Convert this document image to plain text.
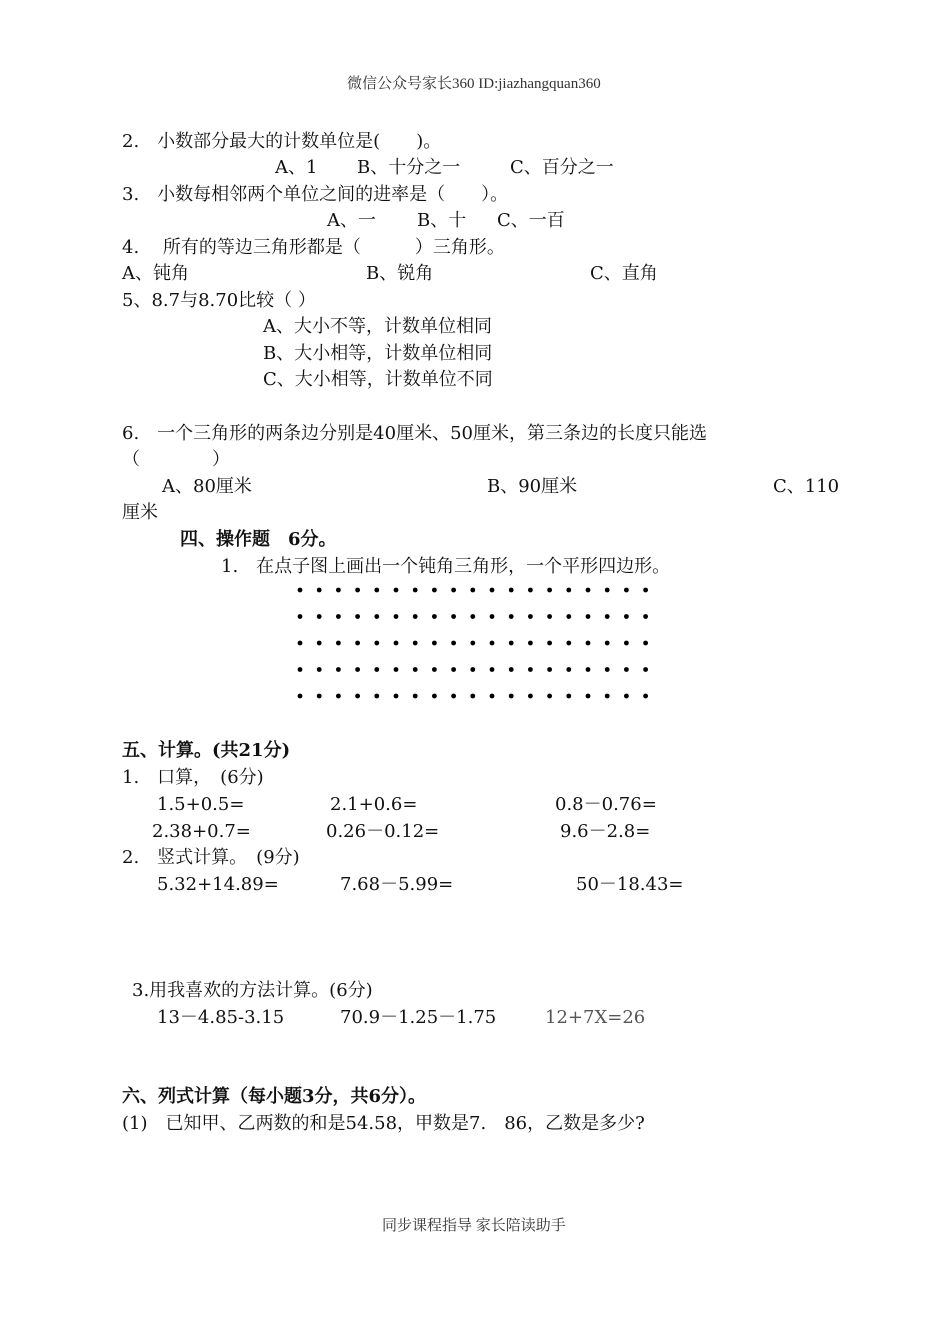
微信公众号家长360 ID:jiazhangquan360
2.　小数部分最大的计数单位是(　　)。
A、1 B、十分之一	C、百分之一
3.　小数每相邻两个单位之间的进率是（　　）。
A、一 B、十 C、一百
4.　 所有的等边三角形都是（　　　）三角形。
A、钝角	B、锐角	C、直角
5、8.7与8.70比较（ ）
A、大小不等，计数单位相同
B、大小相等，计数单位相同
C、大小相等，计数单位不同
6.　一个三角形的两条边分别是40厘米、50厘米，第三条边的长度只能选
（　　　　）
A、80厘米	B、90厘米	C、110
厘米
四、操作题　6分。
1.　在点子图上画出一个钝角三角形，一个平形四边形。
五、计算。(共21分)
1.　口算，　(6分)
1.5+0.5=	2.1+0.6=	0.8－0.76=
2.38+0.7=	0.26－0.12=	9.6－2.8=
2.　竖式计算。　(9分)
5.32+14.89=	7.68－5.99=	50－18.43=
3.用我喜欢的方法计算。(6分)
13－4.85-3.15	70.9－1.25－1.75	12+7X=26
六、列式计算（每小题3分，共6分）。
(1)　已知甲、乙两数的和是54.58，甲数是7.　86，乙数是多少?
同步课程指导 家长陪读助手
